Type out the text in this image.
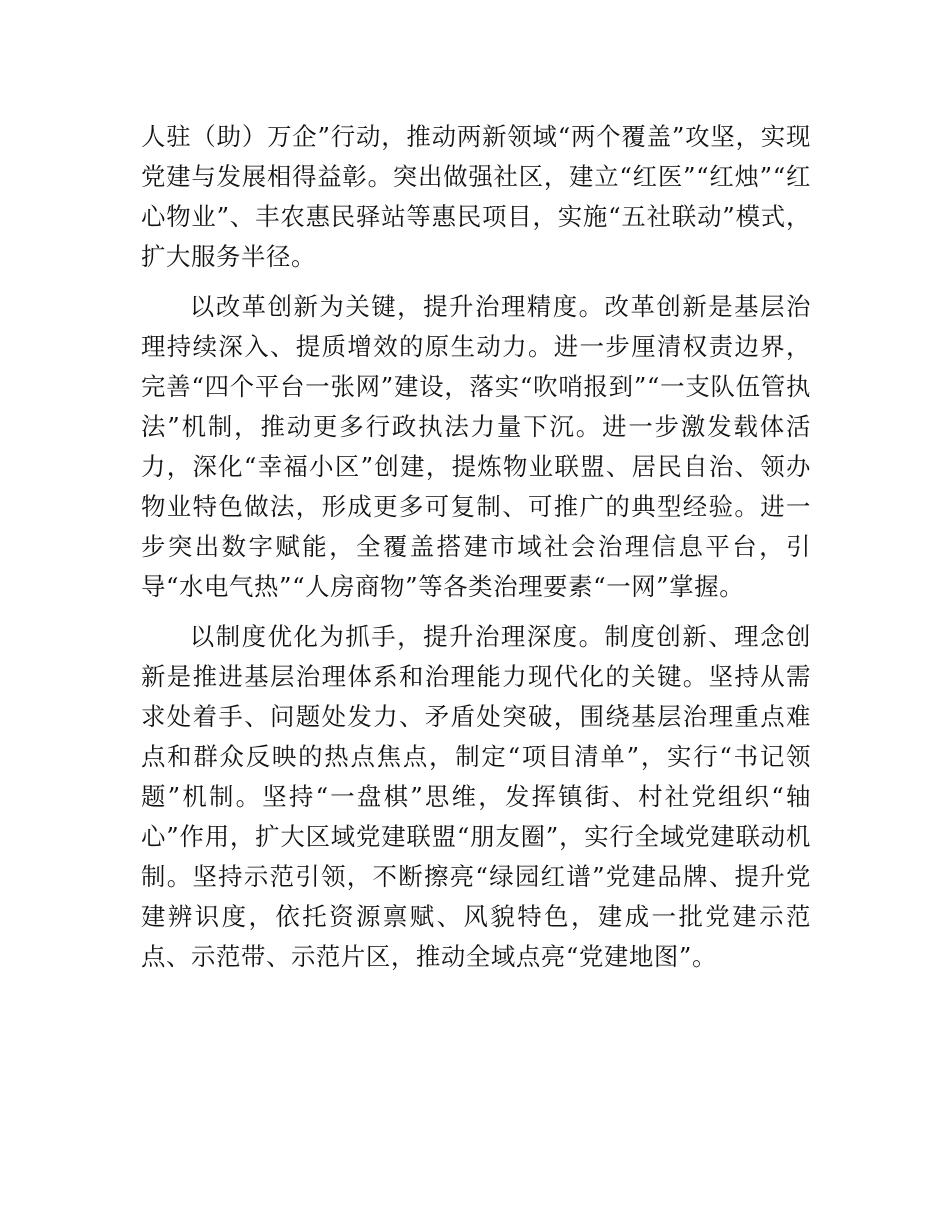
人驻（助）万企”行动，推动两新领域“两个覆盖”攻坚，实现党建与发展相得益彰。突出做强社区，建立“红医”“红烛”“红心物业”、丰农惠民驿站等惠民项目，实施“五社联动”模式，扩大服务半径。

以改革创新为关键，提升治理精度。改革创新是基层治理持续深入、提质增效的原生动力。进一步厘清权责边界，完善“四个平台一张网”建设，落实“吹哨报到”“一支队伍管执法”机制，推动更多行政执法力量下沉。进一步激发载体活力，深化“幸福小区”创建，提炼物业联盟、居民自治、领办物业特色做法，形成更多可复制、可推广的典型经验。进一步突出数字赋能，全覆盖搭建市域社会治理信息平台，引导“水电气热”“人房商物”等各类治理要素“一网”掌握。

以制度优化为抓手，提升治理深度。制度创新、理念创新是推进基层治理体系和治理能力现代化的关键。坚持从需求处着手、问题处发力、矛盾处突破，围绕基层治理重点难点和群众反映的热点焦点，制定“项目清单”，实行“书记领题”机制。坚持“一盘棋”思维，发挥镇街、村社党组织“轴心”作用，扩大区域党建联盟“朋友圈”，实行全域党建联动机制。坚持示范引领，不断擦亮“绿园红谱”党建品牌、提升党建辨识度，依托资源禀赋、风貌特色，建成一批党建示范点、示范带、示范片区，推动全域点亮“党建地图”。
